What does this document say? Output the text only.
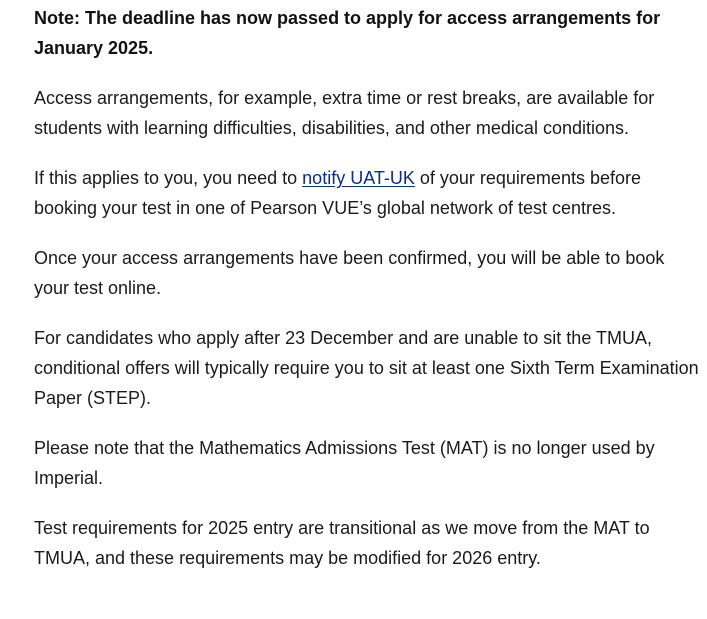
Note: The deadline has now passed to apply for access arrangements for January 2025.

Access arrangements, for example, extra time or rest breaks, are available for students with learning difficulties, disabilities, and other medical conditions.

If this applies to you, you need to notify UAT-UK of your requirements before booking your test in one of Pearson VUE’s global network of test centres.

Once your access arrangements have been confirmed, you will be able to book your test online.

For candidates who apply after 23 December and are unable to sit the TMUA, conditional offers will typically require you to sit at least one Sixth Term Examination Paper (STEP).

Please note that the Mathematics Admissions Test (MAT) is no longer used by Imperial.

Test requirements for 2025 entry are transitional as we move from the MAT to TMUA, and these requirements may be modified for 2026 entry.
